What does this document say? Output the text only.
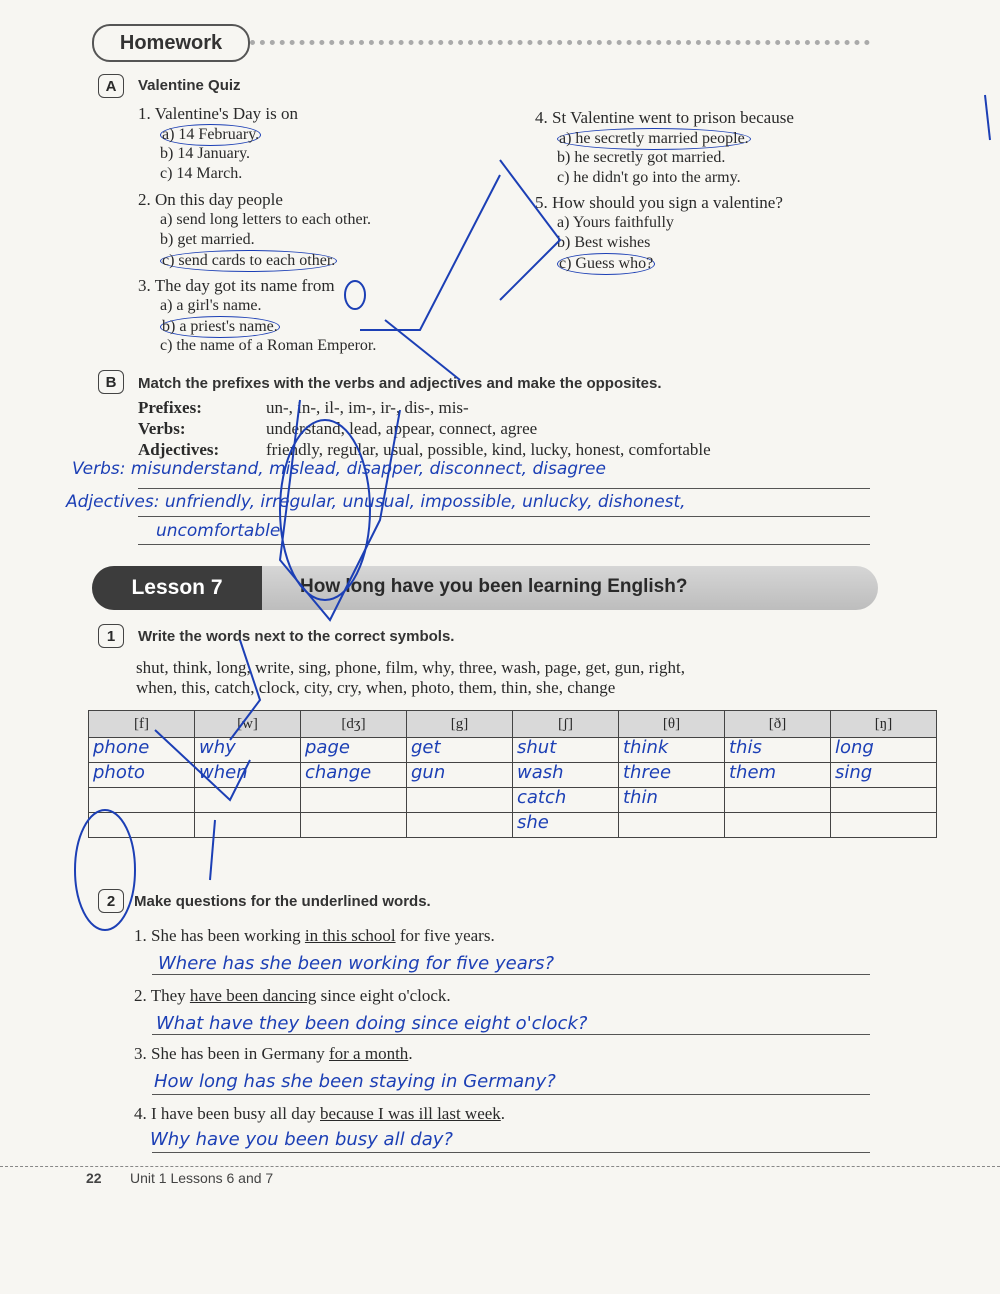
Homework
A	Valentine Quiz
1. Valentine's Day is on
a) 14 February.
b) 14 January.
c) 14 March.
2. On this day people
a) send long letters to each other.
b) get married.
c) send cards to each other.
3. The day got its name from
a) a girl's name.
b) a priest's name.
c) the name of a Roman Emperor.
4. St Valentine went to prison because
a) he secretly married people.
b) he secretly got married.
c) he didn't go into the army.
5. How should you sign a valentine?
a) Yours faithfully
b) Best wishes
c) Guess who?
B	Match the prefixes with the verbs and adjectives and make the opposites.
Prefixes:	un-, in-, il-, im-, ir-, dis-, mis-
Verbs:	understand, lead, appear, connect, agree
Adjectives:	friendly, regular, usual, possible, kind, lucky, honest, comfortable
Verbs: misunderstand, mislead, disapper, disconnect, disagree
Adjectives: unfriendly, irregular, unusual, impossible, unlucky, dishonest,
uncomfortable.
Lesson 7	How long have you been learning English?
1	Write the words next to the correct symbols.
shut, think, long, write, sing, phone, film, why, three, wash, page, get, gun, right,
when, this, catch, clock, city, cry, when, photo, them, thin, she, change
[f]	[w]	[dʒ]	[g]	[ʃ]	[θ]	[ð]	[ŋ]

phone	why	page	get	shut	think	this	long

photo	when	change	gun	wash	three	them	sing

				catch	thin		

				she			

2	Make questions for the underlined words.
1. She has been working in this school for five years.
Where has she been working for five years?
2. They have been dancing since eight o'clock.
What have they been doing since eight o'clock?
3. She has been in Germany for a month.
How long has she been staying in Germany?
4. I have been busy all day because I was ill last week.
Why have you been busy all day?
22 Unit 1 Lessons 6 and 7
